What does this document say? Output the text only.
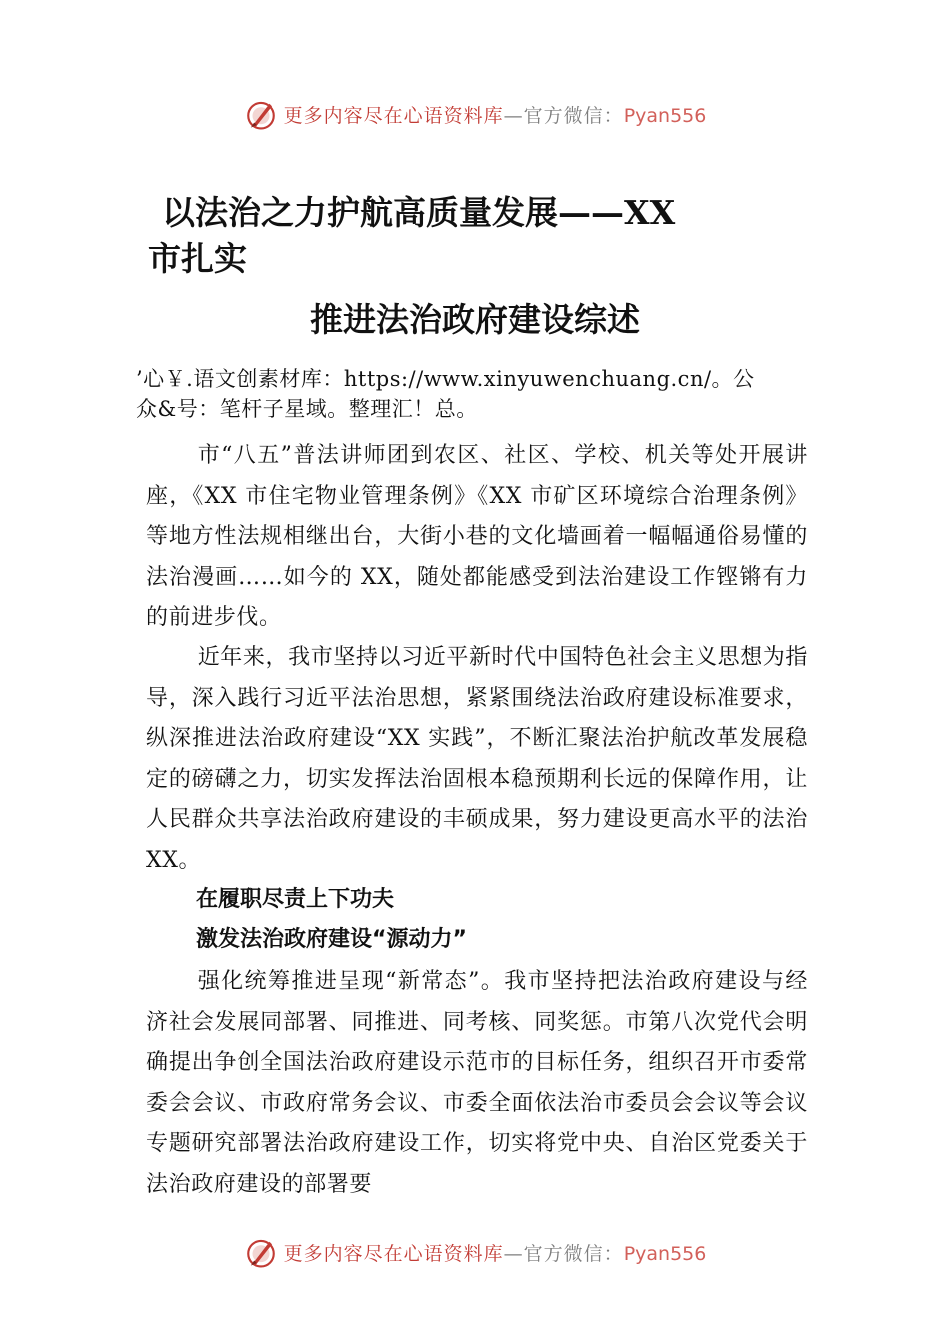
更多内容尽在心语资料库—官方微信：Pyan556
以法治之力护航高质量发展——XX
市扎实
推进法治政府建设综述
’心￥.语文创素材库：https://www.xinyuwenchuang.cn/。公
众&号：笔杆子星域。整理汇！总。

市“八五”普法讲师团到农区、社区、学校、机关等处开展讲座，《XX 市住宅物业管理条例》《XX 市矿区环境综合治理条例》等地方性法规相继出台，大街小巷的文化墙画着一幅幅通俗易懂的法治漫画……如今的 XX，随处都能感受到法治建设工作铿锵有力的前进步伐。

近年来，我市坚持以习近平新时代中国特色社会主义思想为指导，深入践行习近平法治思想，紧紧围绕法治政府建设标准要求，纵深推进法治政府建设“XX 实践”，不断汇聚法治护航改革发展稳定的磅礴之力，切实发挥法治固根本稳预期利长远的保障作用，让人民群众共享法治政府建设的丰硕成果，努力建设更高水平的法治 XX。

在履职尽责上下功夫
激发法治政府建设“源动力”

强化统筹推进呈现“新常态”。我市坚持把法治政府建设与经济社会发展同部署、同推进、同考核、同奖惩。市第八次党代会明确提出争创全国法治政府建设示范市的目标任务，组织召开市委常委会会议、市政府常务会议、市委全面依法治市委员会会议等会议专题研究部署法治政府建设工作，切实将党中央、自治区党委关于法治政府建设的部署要

更多内容尽在心语资料库—官方微信：Pyan556
